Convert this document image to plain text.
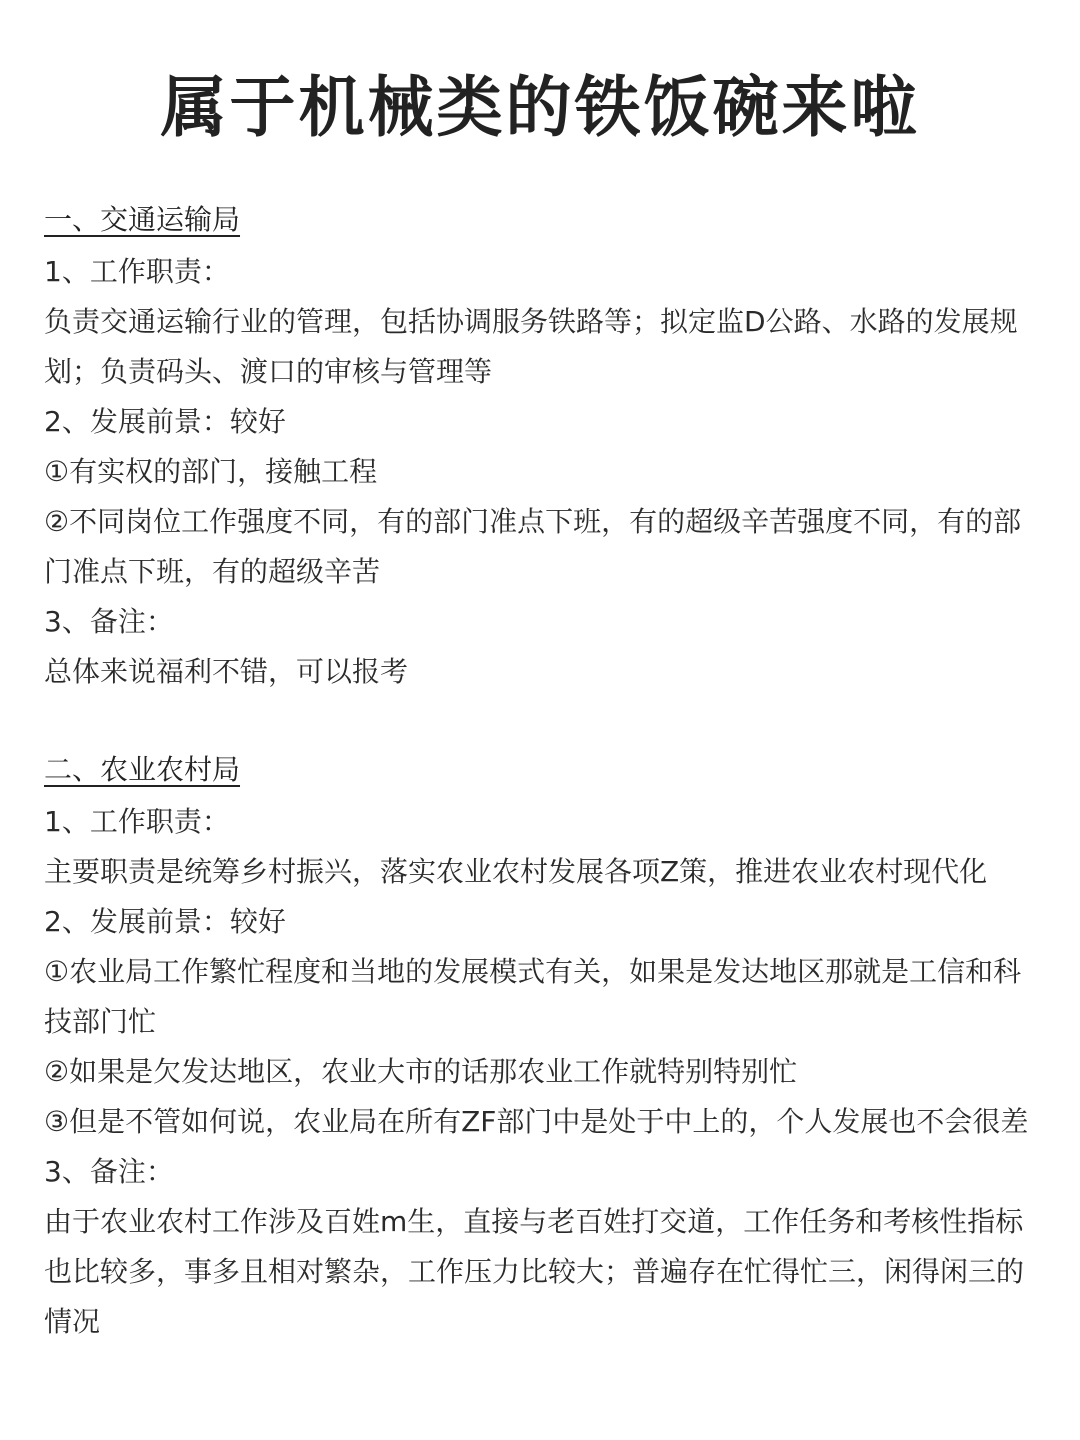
属于机械类的铁饭碗来啦
一、交通运输局

1、工作职责：

负责交通运输行业的管理，包括协调服务铁路等；拟定监D公路、水路的发展规划；负责码头、渡口的审核与管理等

2、发展前景：较好

①有实权的部门，接触工程

②不同岗位工作强度不同，有的部门准点下班，有的超级辛苦强度不同，有的部门准点下班，有的超级辛苦

3、备注：

总体来说福利不错，可以报考

二、农业农村局

1、工作职责：

主要职责是统筹乡村振兴，落实农业农村发展各项Z策，推进农业农村现代化

2、发展前景：较好

①农业局工作繁忙程度和当地的发展模式有关，如果是发达地区那就是工信和科技部门忙

②如果是欠发达地区，农业大市的话那农业工作就特别特别忙

③但是不管如何说，农业局在所有ZF部门中是处于中上的，个人发展也不会很差3、备注：

由于农业农村工作涉及百姓m生，直接与老百姓打交道，工作任务和考核性指标也比较多，事多且相对繁杂，工作压力比较大；普遍存在忙得忙三，闲得闲三的情况
